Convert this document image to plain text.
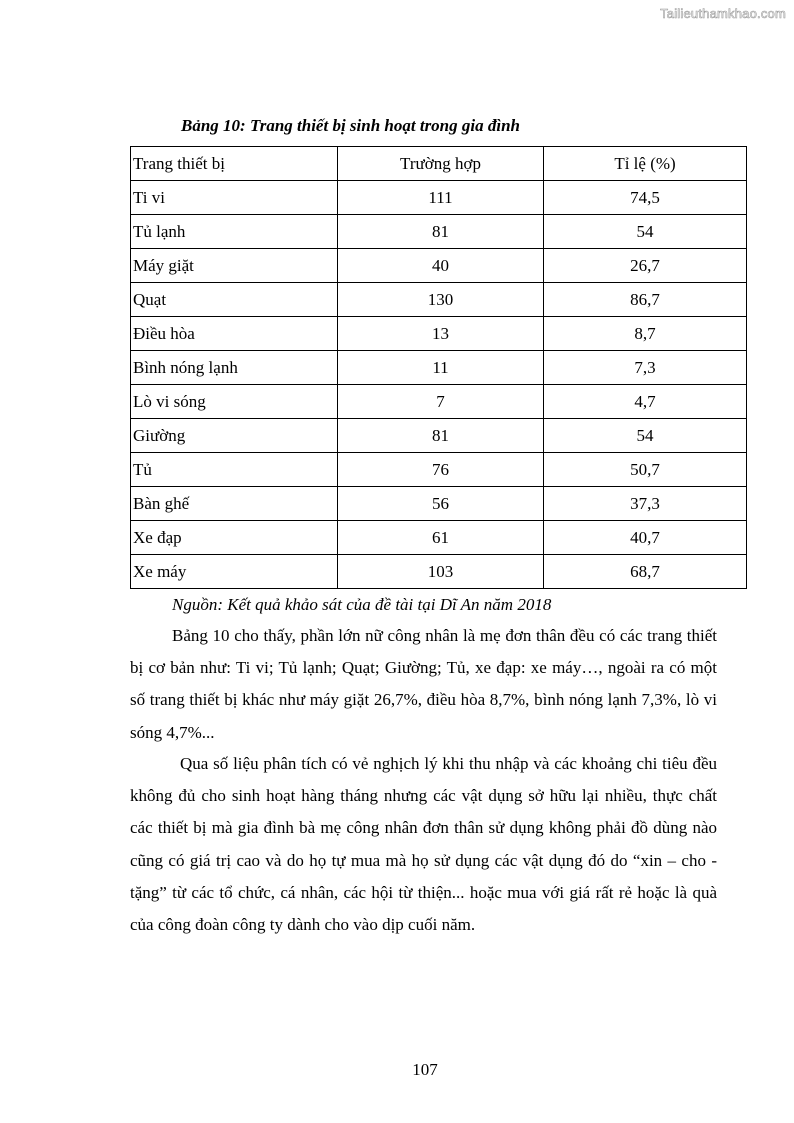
Tailieuthamkhao.com
Bảng 10: Trang thiết bị sinh hoạt trong gia đình
Trang thiết bị	Trường hợp	Tỉ lệ (%)
Ti vi	111	74,5
Tủ lạnh	81	54
Máy giặt	40	26,7
Quạt	130	86,7
Điều hòa	13	8,7
Bình nóng lạnh	11	7,3
Lò vi sóng	7	4,7
Giường	81	54
Tủ	76	50,7
Bàn ghế	56	37,3
Xe đạp	61	40,7
Xe máy	103	68,7
Nguồn: Kết quả khảo sát của đề tài tại Dĩ An năm 2018

Bảng 10 cho thấy, phần lớn nữ công nhân là mẹ đơn thân đều có các trang thiết bị cơ bản như: Ti vi; Tủ lạnh; Quạt; Giường; Tủ, xe đạp: xe máy…, ngoài ra có một số trang thiết bị khác như máy giặt 26,7%, điều hòa 8,7%, bình nóng lạnh 7,3%, lò vi sóng 4,7%...

Qua số liệu phân tích có vẻ nghịch lý khi thu nhập và các khoảng chi tiêu đều không đủ cho sinh hoạt hàng tháng nhưng các vật dụng sở hữu lại nhiều, thực chất các thiết bị mà gia đình bà mẹ công nhân đơn thân sử dụng không phải đồ dùng nào cũng có giá trị cao và do họ tự mua mà họ sử dụng các vật dụng đó do “xin – cho - tặng” từ các tổ chức, cá nhân, các hội từ thiện... hoặc mua với giá rất rẻ hoặc là quà của công đoàn công ty dành cho vào dịp cuối năm.

107
